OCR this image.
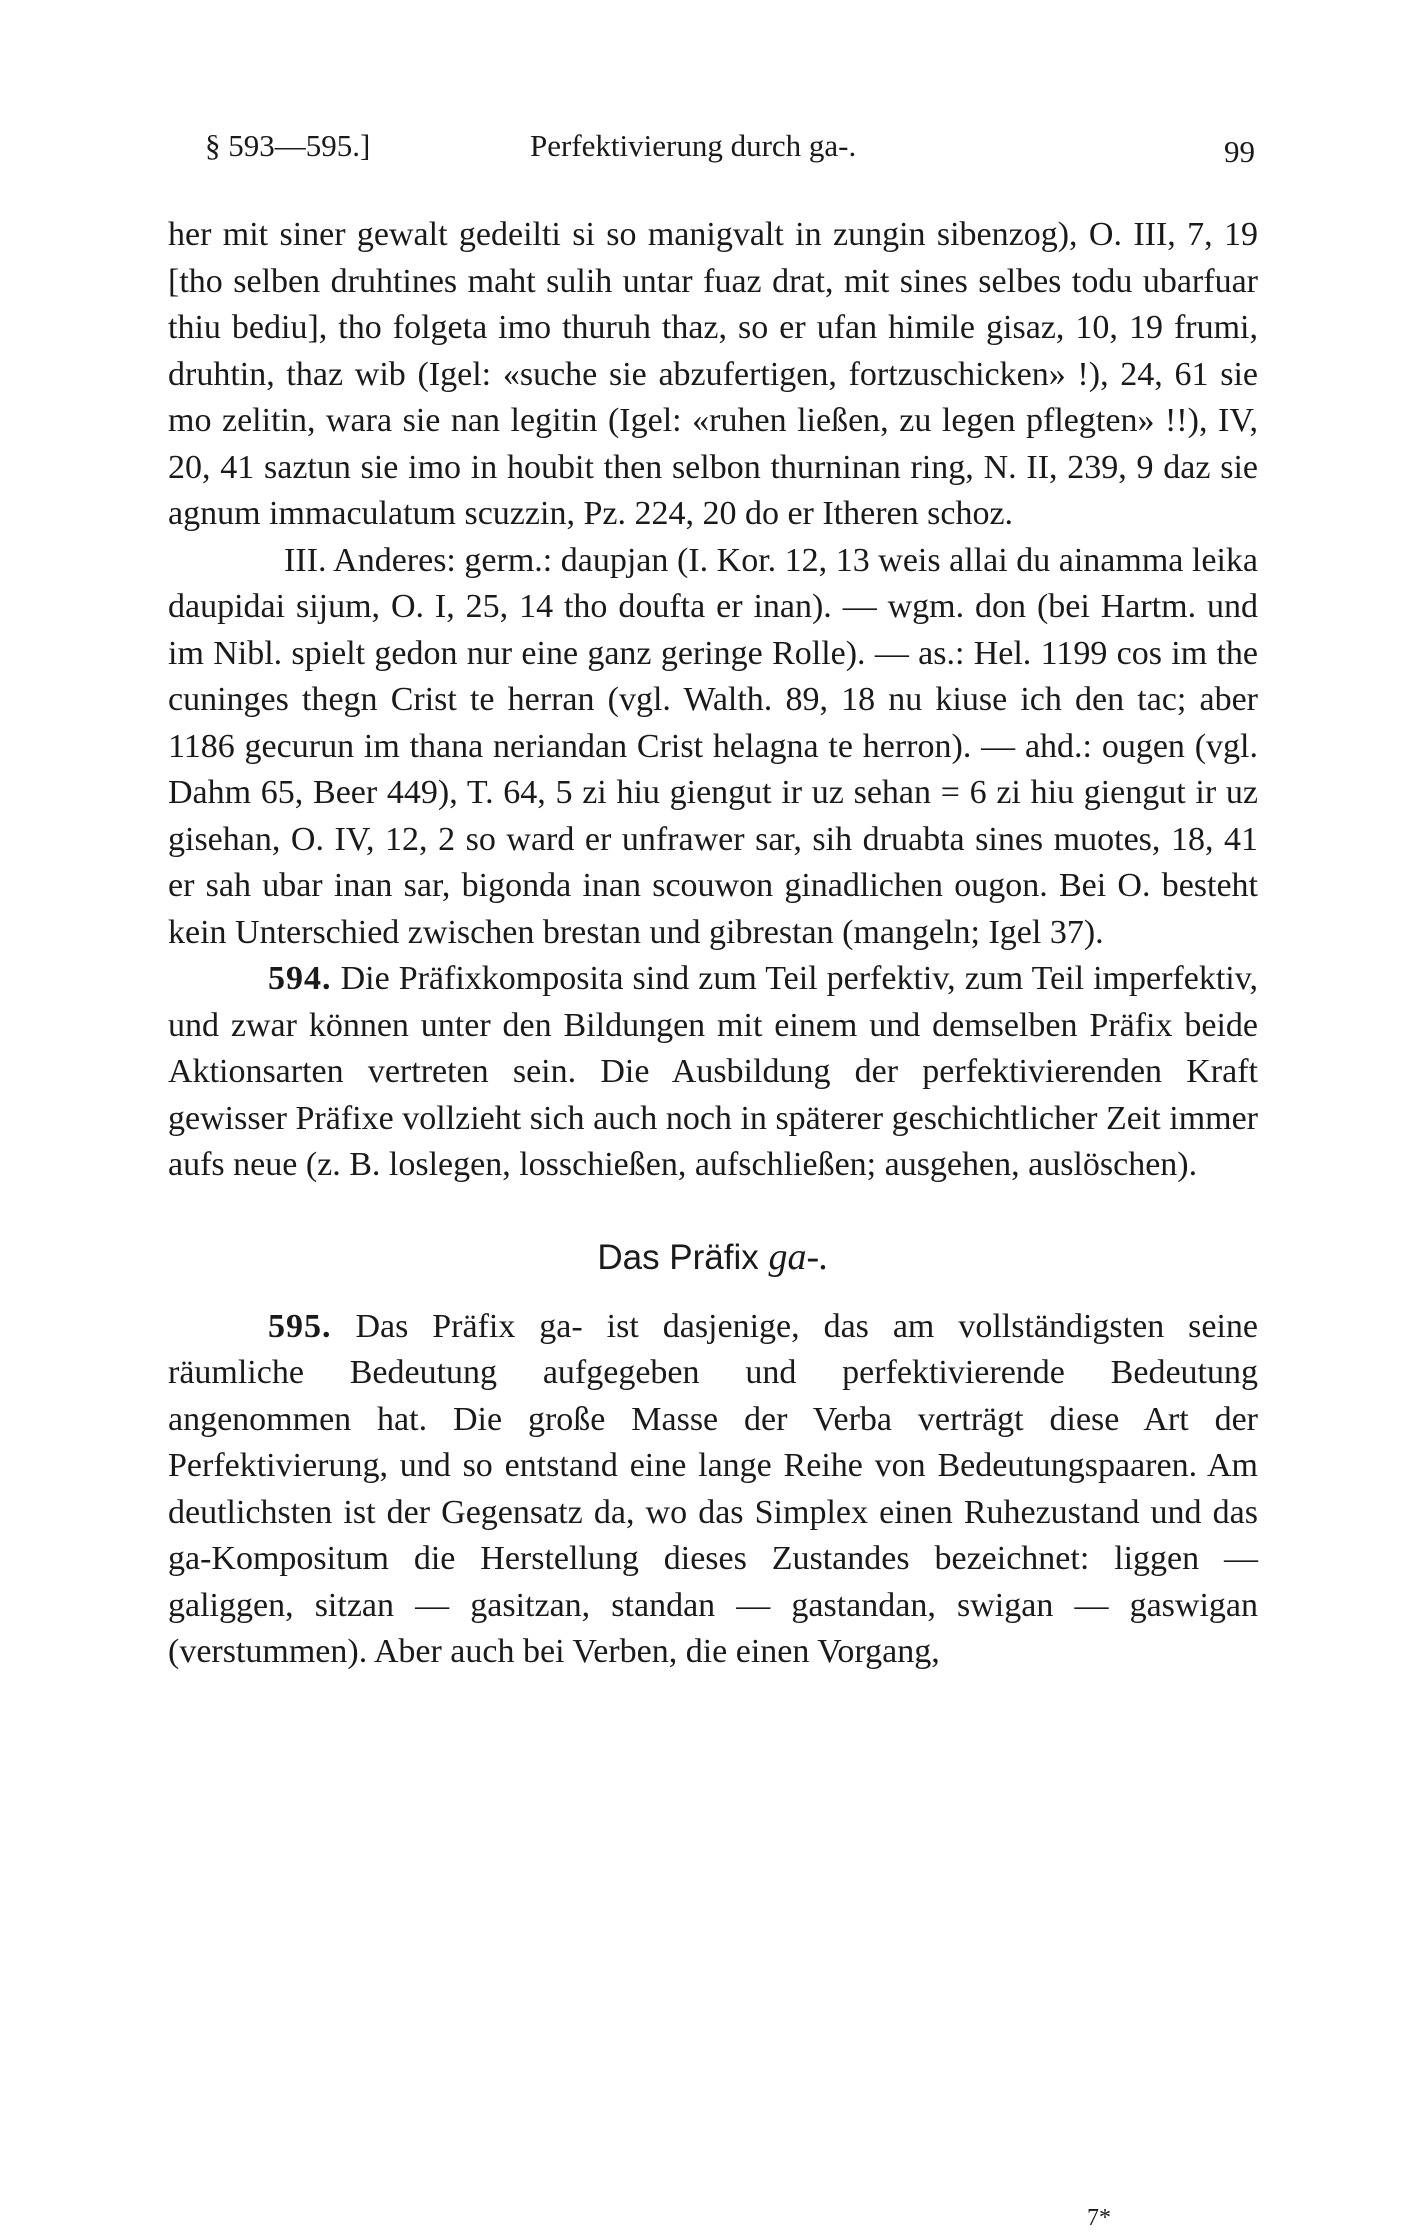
§ 593—595.]	Perfektivierung durch ga-.	99

her mit siner gewalt gedeilti si so manigvalt in zungin sibenzog), O. III, 7, 19 [tho selben druhtines maht sulih untar fuaz drat, mit sines selbes todu ubarfuar thiu bediu], tho folgeta imo thuruh thaz, so er ufan himile gisaz, 10, 19 frumi, druhtin, thaz wib (Igel: «suche sie abzufertigen, fortzuschicken» !), 24, 61 sie mo zelitin, wara sie nan legitin (Igel: «ruhen ließen, zu legen pflegten» !!), IV, 20, 41 saztun sie imo in houbit then selbon thurninan ring, N. II, 239, 9 daz sie agnum immaculatum scuzzin, Pz. 224, 20 do er Itheren schoz.

III. Anderes: germ.: daupjan (I. Kor. 12, 13 weis allai du ainamma leika daupidai sijum, O. I, 25, 14 tho doufta er inan). — wgm. don (bei Hartm. und im Nibl. spielt gedon nur eine ganz geringe Rolle). — as.: Hel. 1199 cos im the cuninges thegn Crist te herran (vgl. Walth. 89, 18 nu kiuse ich den tac; aber 1186 gecurun im thana neriandan Crist helagna te herron). — ahd.: ougen (vgl. Dahm 65, Beer 449), T. 64, 5 zi hiu giengut ir uz sehan = 6 zi hiu giengut ir uz gisehan, O. IV, 12, 2 so ward er unfrawer sar, sih druabta sines muotes, 18, 41 er sah ubar inan sar, bigonda inan scouwon ginadlichen ougon. Bei O. besteht kein Unterschied zwischen brestan und gibrestan (mangeln; Igel 37).

594. Die Präfixkomposita sind zum Teil perfektiv, zum Teil imperfektiv, und zwar können unter den Bildungen mit einem und demselben Präfix beide Aktionsarten vertreten sein. Die Ausbildung der perfektivierenden Kraft gewisser Präfixe vollzieht sich auch noch in späterer geschichtlicher Zeit immer aufs neue (z. B. loslegen, losschießen, aufschließen; ausgehen, auslöschen).

Das Präfix ga-.

595. Das Präfix ga- ist dasjenige, das am vollständigsten seine räumliche Bedeutung aufgegeben und perfektivierende Bedeutung angenommen hat. Die große Masse der Verba verträgt diese Art der Perfektivierung, und so entstand eine lange Reihe von Bedeutungspaaren. Am deutlichsten ist der Gegensatz da, wo das Simplex einen Ruhezustand und das ga-Kompositum die Herstellung dieses Zustandes bezeichnet: liggen — galiggen, sitzan — gasitzan, standan — gastandan, swigan — gaswigan (verstummen). Aber auch bei Verben, die einen Vorgang,

7*
